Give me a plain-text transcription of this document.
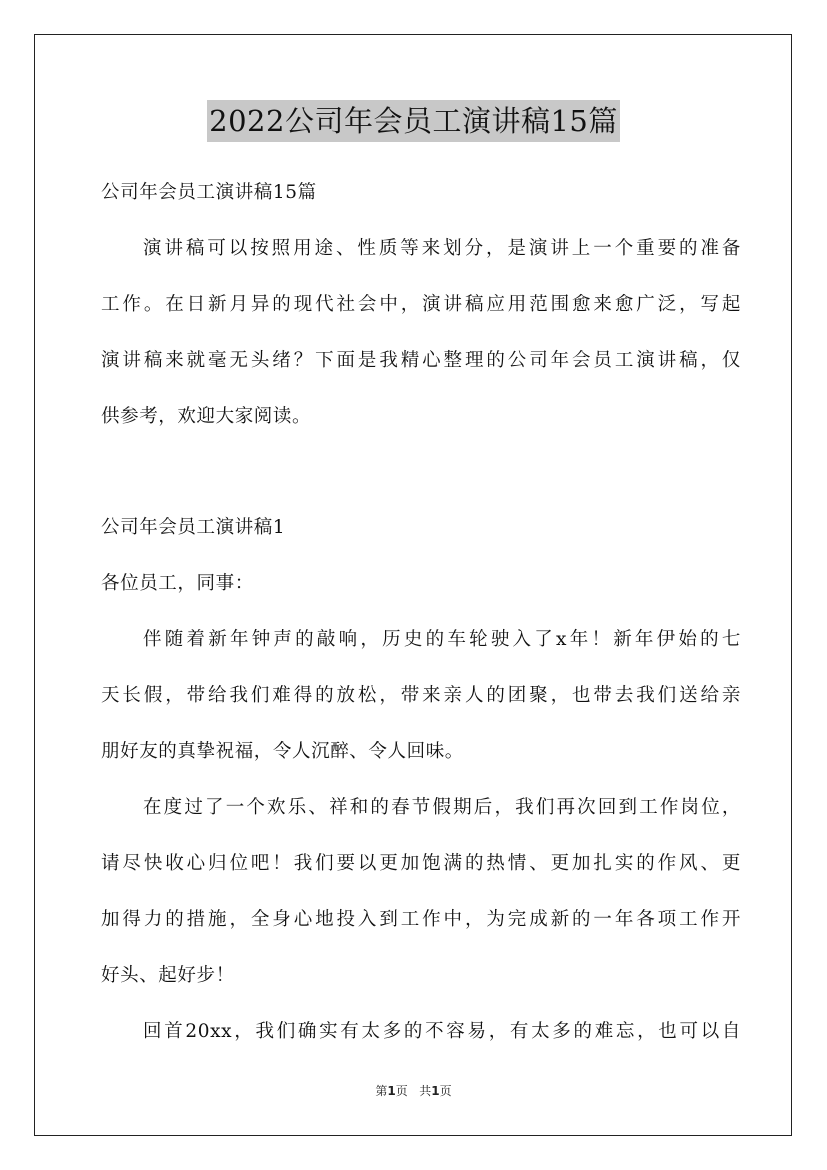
2022公司年会员工演讲稿15篇
公司年会员工演讲稿15篇
演讲稿可以按照用途、性质等来划分，是演讲上一个重要的准备
工作。在日新月异的现代社会中，演讲稿应用范围愈来愈广泛，写起
演讲稿来就毫无头绪？下面是我精心整理的公司年会员工演讲稿，仅
供参考，欢迎大家阅读。
公司年会员工演讲稿1
各位员工，同事：
伴随着新年钟声的敲响，历史的车轮驶入了x年！新年伊始的七
天长假，带给我们难得的放松，带来亲人的团聚，也带去我们送给亲
朋好友的真挚祝福，令人沉醉、令人回味。
在度过了一个欢乐、祥和的春节假期后，我们再次回到工作岗位，
请尽快收心归位吧！我们要以更加饱满的热情、更加扎实的作风、更
加得力的措施，全身心地投入到工作中，为完成新的一年各项工作开
好头、起好步！
回首20xx，我们确实有太多的不容易，有太多的难忘，也可以自
第1页 共1页
